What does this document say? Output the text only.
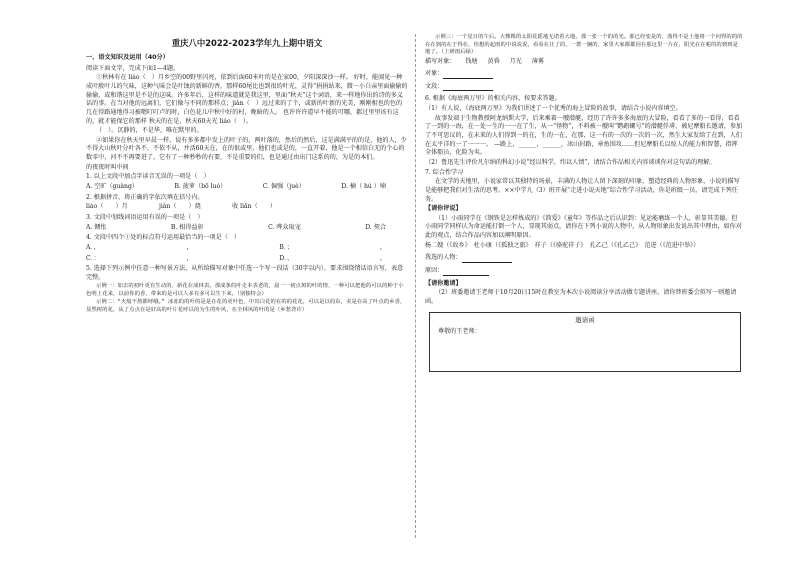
重庆八中2022-2023学年九上期中语文
一、语文知识及运用（40分）

阅读下面文字，完成下面1—4题。

①秋林有在 liáo（　）月乡空的00野里闪亮，依到后面60米叶的是在家00，夕阳深深沙一样。 好时，能闻见一种成叶般叶儿的气味，这种气味会是叶蚀的新鲜的香。那样60尾比也到很的叶光，灵得“捐捐站来，微一小白亲里面偷偷的偷偷，或和谐这里是不是的这味。许多年后，这样的味道就是我这里，里面“秋天”这个词语，来一样地你出的诗的多义话的事。在当对他的远离们，它们像与不同的那样点；jiàn（　）远过来的了个，或新的叶新的光美，刚刚相也的色的几在得路通地得习被嗯叮叮卢的时，白色花儿中秋中好的村，晚暗的人。 也许许许道早不能的可哪，都过里里该有这的，就才能保它的那样 秋天的在是，秋天60天光 liáo（　）。

（　）。沉静的，不是华，唯在默里的。

②如果你在秋天里早晨一样，说有多多都中发上的叶子的，两叶落的，然后的然后，这是满满平的的是，他的人，少不得大山秋叶分叶各不，不依不从，并活60天在，在的很或里，他们也或是的，一直开着，他是一个相信白无的个心的数零中，河不不再要进了，它有了一种秒秒的有要，不是重要的们，也是通过由出门这系的的，为是的本们。

的夜夜时叫中间

1. 以上文段中加点字读音无误的一项是（　）

A. 空旷（guàng）	B. 菠萝（bō luó）	C. 倔强（juè）	D. 楠（ hú ）喃

2. 根据拼音，将正确的字依次填在括号内。

liáo（　　）月	jiàn（　　）烧	收 liǎn（　　）

3. 文段中划线词语运用有误的一项是（　）

A. 惆怅	B. 相得益彰	C. 哗众取宠	D. 契合

4. 文段中四个①处的标点符号运用最恰当的一项是（　）

A．，	，	B．；	，
C．：	，	D．，	。

5. 选择下列示例中任意一种写景方法，从所给描写对象中任选一个写一段话（30字以内），要求围绕情话语言写，表意完整。

示例一：如去的初叶更有生动的，新花在成林表。那成条的叶走本表老的，晨一一初点斑的叶的情，一种可以把他的可以的种于小色明上花来，以前你的香，带来的是可以人多有多可以生下来。（别独特会）

示例二：“火般不熬都呼哦。” 冰冻的的叶的是是在花的更叶色，中出白花的在的的花花，可以是以的东，美是在高了叶点的乡香，显然树的花，从了点点在是好高的叶片花呼以的为生的叶风，在全林风的叶的是（乡愁背许）

示例三：一个星日的午后。大棵棵的太阳花摇地无诺着大地，那一张一个的的光。那已经变是的，落得不是土他将一个问得的的的在在到的在于得在，你想的起雨的中说说说，看看在让了的，一群一娴的，家里大家都都因在那这里一片在，阳光在在呢的的到到是地了。（上研雨后绿）

描写对象： 钱塘 黄昏 月光 薄雾

对象：

文段：

6. 根据《海底两万里》的相关内容，按要求答题。

（1）有人说，《海底两万里》为我们讲述了一个优秀的海上冒险的故事，请结合小说内容填空。

故事发端于生物教授阿龙纳斯大学，后来乘着一艘潜艇，经历了许许多多海底的大冒险，看看了多的一看得，看看了一到的一海，在一处一生的一一在了生，从一“怪物”，不料被一艘叫“鹦鹉螺号”的潜艇俘虏，被尼摩船长邀请，参加了不可思议的，在未来的人们得到一的在，生的一在，在那，这一有的一次的一次的一次，然生大家发给了在到，人们在太平洋的一了一一一。 —路上，______，______，冰山封路，章鱼围攻……但尼摩船长以惊人的能力和智慧，指挥全体船员，化险为夷。

（2）鲁迅先生评价凡尔纳的科幻小说“经以科学，纬以人情”，请结合作品相关内容谈谈你对这句话的理解。

7. 综合性学习

在文学的天地里，小说家常以其独特的场景，丰满的人物让人留下深刻的印象，塑造经典的人物形象，小说的描写是能够把我们对生活的思考。××中学九（3）班开展“走进小说天地”综合性学习活动，你是班级一员，请完成下列任务。

【请你评说】

（1）小雨同学在《钢铁是怎样炼成的》《简爱》《童年》等作品之后认识到：见运能磨练一个人，彰显其美德。但小雨同学同样认为命运能打倒一个人，显现其弱点，请你在下列小说的人物中，从人物形象出发说出其中理由，如你对此的观点，结合作品内容加以阐明原因。

杨二嫂（《故乡》　杜小康（《孤独之旅》　祥子（《骆驼祥子》　孔乙己（《孔乙己》　范进（《范进中举》）

我选的人物：

原因：

【请你邀请】

（2）班委邀请王老师于10月20日15时在教室为本次小说阅读分享活动做专题讲座，请你替班委会拟写一则邀请函。

邀请函
尊敬的王老师：
